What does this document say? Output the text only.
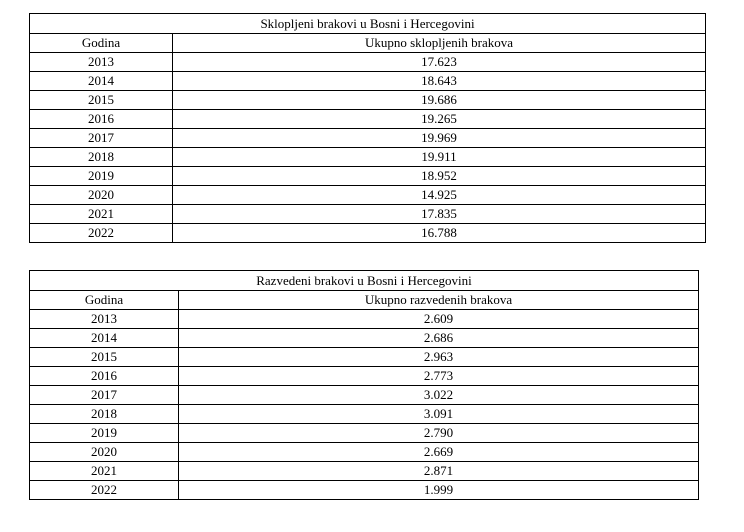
Sklopljeni brakovi u Bosni i Hercegovini	
Godina	Ukupno sklopljenih brakova
2013	17.623
2014	18.643
2015	19.686
2016	19.265
2017	19.969
2018	19.911
2019	18.952
2020	14.925
2021	17.835
2022	16.788
Razvedeni brakovi u Bosni i Hercegovini	
Godina	Ukupno razvedenih brakova
2013	2.609
2014	2.686
2015	2.963
2016	2.773
2017	3.022
2018	3.091
2019	2.790
2020	2.669
2021	2.871
2022	1.999
